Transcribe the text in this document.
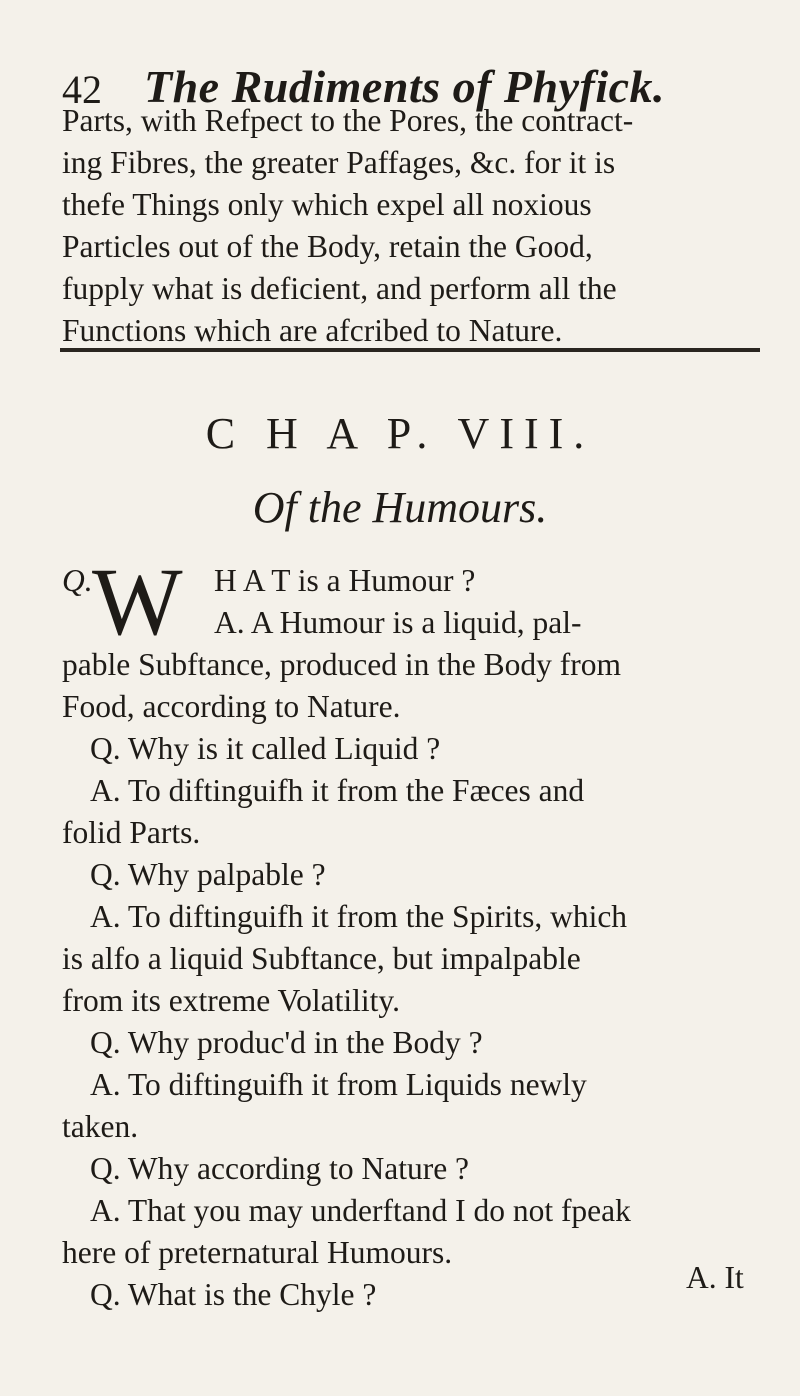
42 The Rudiments of Phyfick.
Parts, with Refpect to the Pores, the contract-
ing Fibres, the greater Paffages, &c. for it is
thefe Things only which expel all noxious
Particles out of the Body, retain the Good,
fupply what is deficient, and perform all the
Functions which are afcribed to Nature.
C H A P. VIII.
Of the Humours.
Q. W H A T is a Humour ?
A. A Humour is a liquid, pal-
pable Subftance, produced in the Body from
Food, according to Nature.
Q. Why is it called Liquid ?
A. To diftinguifh it from the Fæces and
folid Parts.
Q. Why palpable ?
A. To diftinguifh it from the Spirits, which
is alfo a liquid Subftance, but impalpable
from its extreme Volatility.
Q. Why produc'd in the Body ?
A. To diftinguifh it from Liquids newly
taken.
Q. Why according to Nature ?
A. That you may underftand I do not fpeak
here of preternatural Humours.
Q. What is the Chyle ?	A. It
